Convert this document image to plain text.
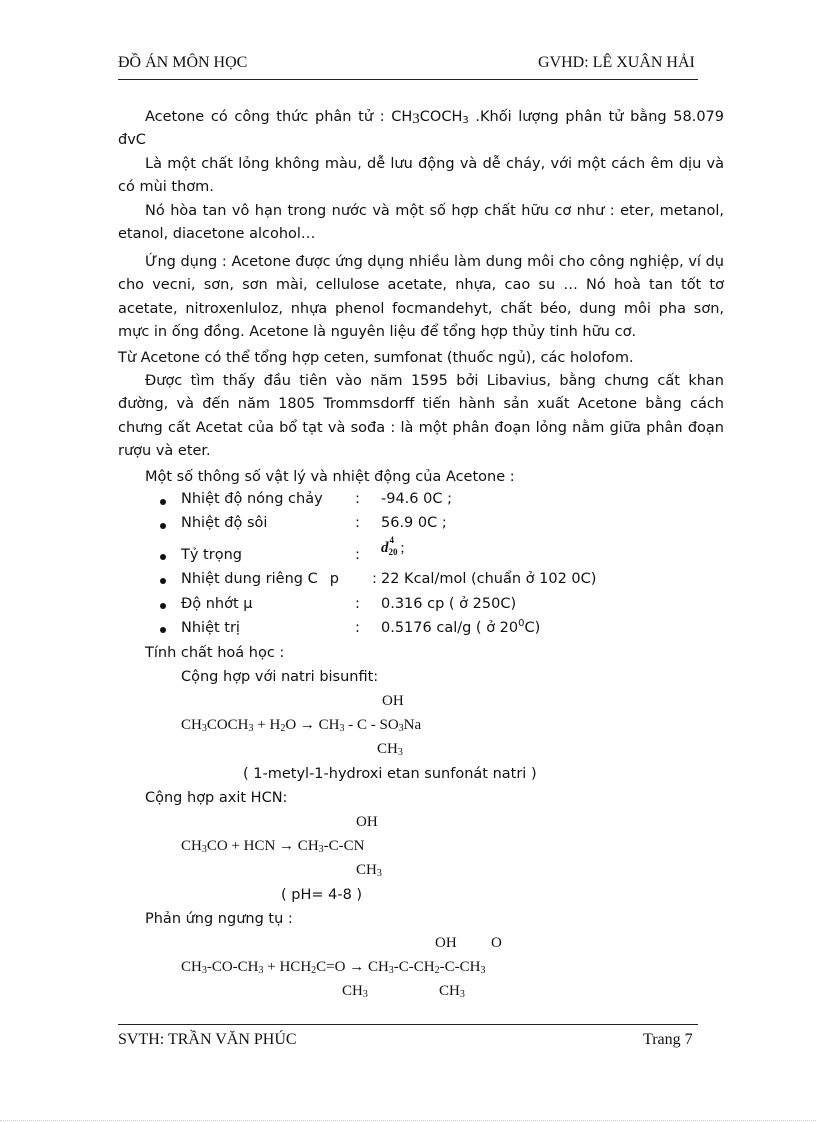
ĐỒ ÁN MÔN HỌC	GVHD: LÊ XUÂN HẢI
Acetone có công thức phân tử : $CH_3COCH_3$ .Khối lượng phân tử bằng 58.079 đvC
Là một chất lỏng không màu, dễ lưu động và dễ cháy, với một cách êm dịu và có mùi thơm.
Nó hòa tan vô hạn trong nước và một số hợp chất hữu cơ như : eter, metanol, etanol, diacetone alcohol…
Ứng dụng : Acetone được ứng dụng nhiều làm dung môi cho công nghiệp, ví dụ cho vecni, sơn, sơn mài, cellulose acetate, nhựa, cao su … Nó hoà tan tốt tơ acetate, nitroxenluloz, nhựa phenol focmandehyt, chất béo, dung môi pha sơn, mực in ống đồng. Acetone là nguyên liệu để tổng hợp thủy tinh hữu cơ.
Từ Acetone có thể tổng hợp ceten, sumfonat (thuốc ngủ), các holofom.
Được tìm thấy đầu tiên vào năm 1595 bởi Libavius, bằng chưng cất khan đường, và đến năm 1805 Trommsdorff tiến hành sản xuất Acetone bằng cách chưng cất Acetat của bổ tạt và sođa : là một phân đoạn lỏng nằm giữa phân đoạn rượu và eter.
Một số thông số vật lý và nhiệt động của Acetone :
Nhiệt độ nóng chảy : -94.6 0C ;
Nhiệt độ sôi	: 56.9 0C ;
Tỷ trọng	: d 4
20 ;
Nhiệt dung riêng C p : 22 Kcal/mol (chuẩn ở 102 0C)
Độ nhớt μ	: 0.316 cp ( ở 250C)
Nhiệt trị	: 0.5176 cal/g ( ở $20^0C$)
Tính chất hoá học :
Cộng hợp với natri bisunfit:
OH
$CH_3COCH_3 + H_2O \to CH_3 - C - SO_3Na$
$CH_3$
( 1-metyl-1-hydroxi etan sunfonát natri )
Cộng hợp axit HCN:
OH
$CH_3CO$ + HCN → $CH_3-C-CN$
$CH_3$
( pH= 4-8 )
Phản ứng ngưng tụ :
OH O
$CH_3-CO-CH_3 + HCH_2C=O \to CH_3-C-CH_2-C-CH_3$
$CH_3$	$CH_3$
SVTH: TRẦN VĂN PHÚC	Trang 7
